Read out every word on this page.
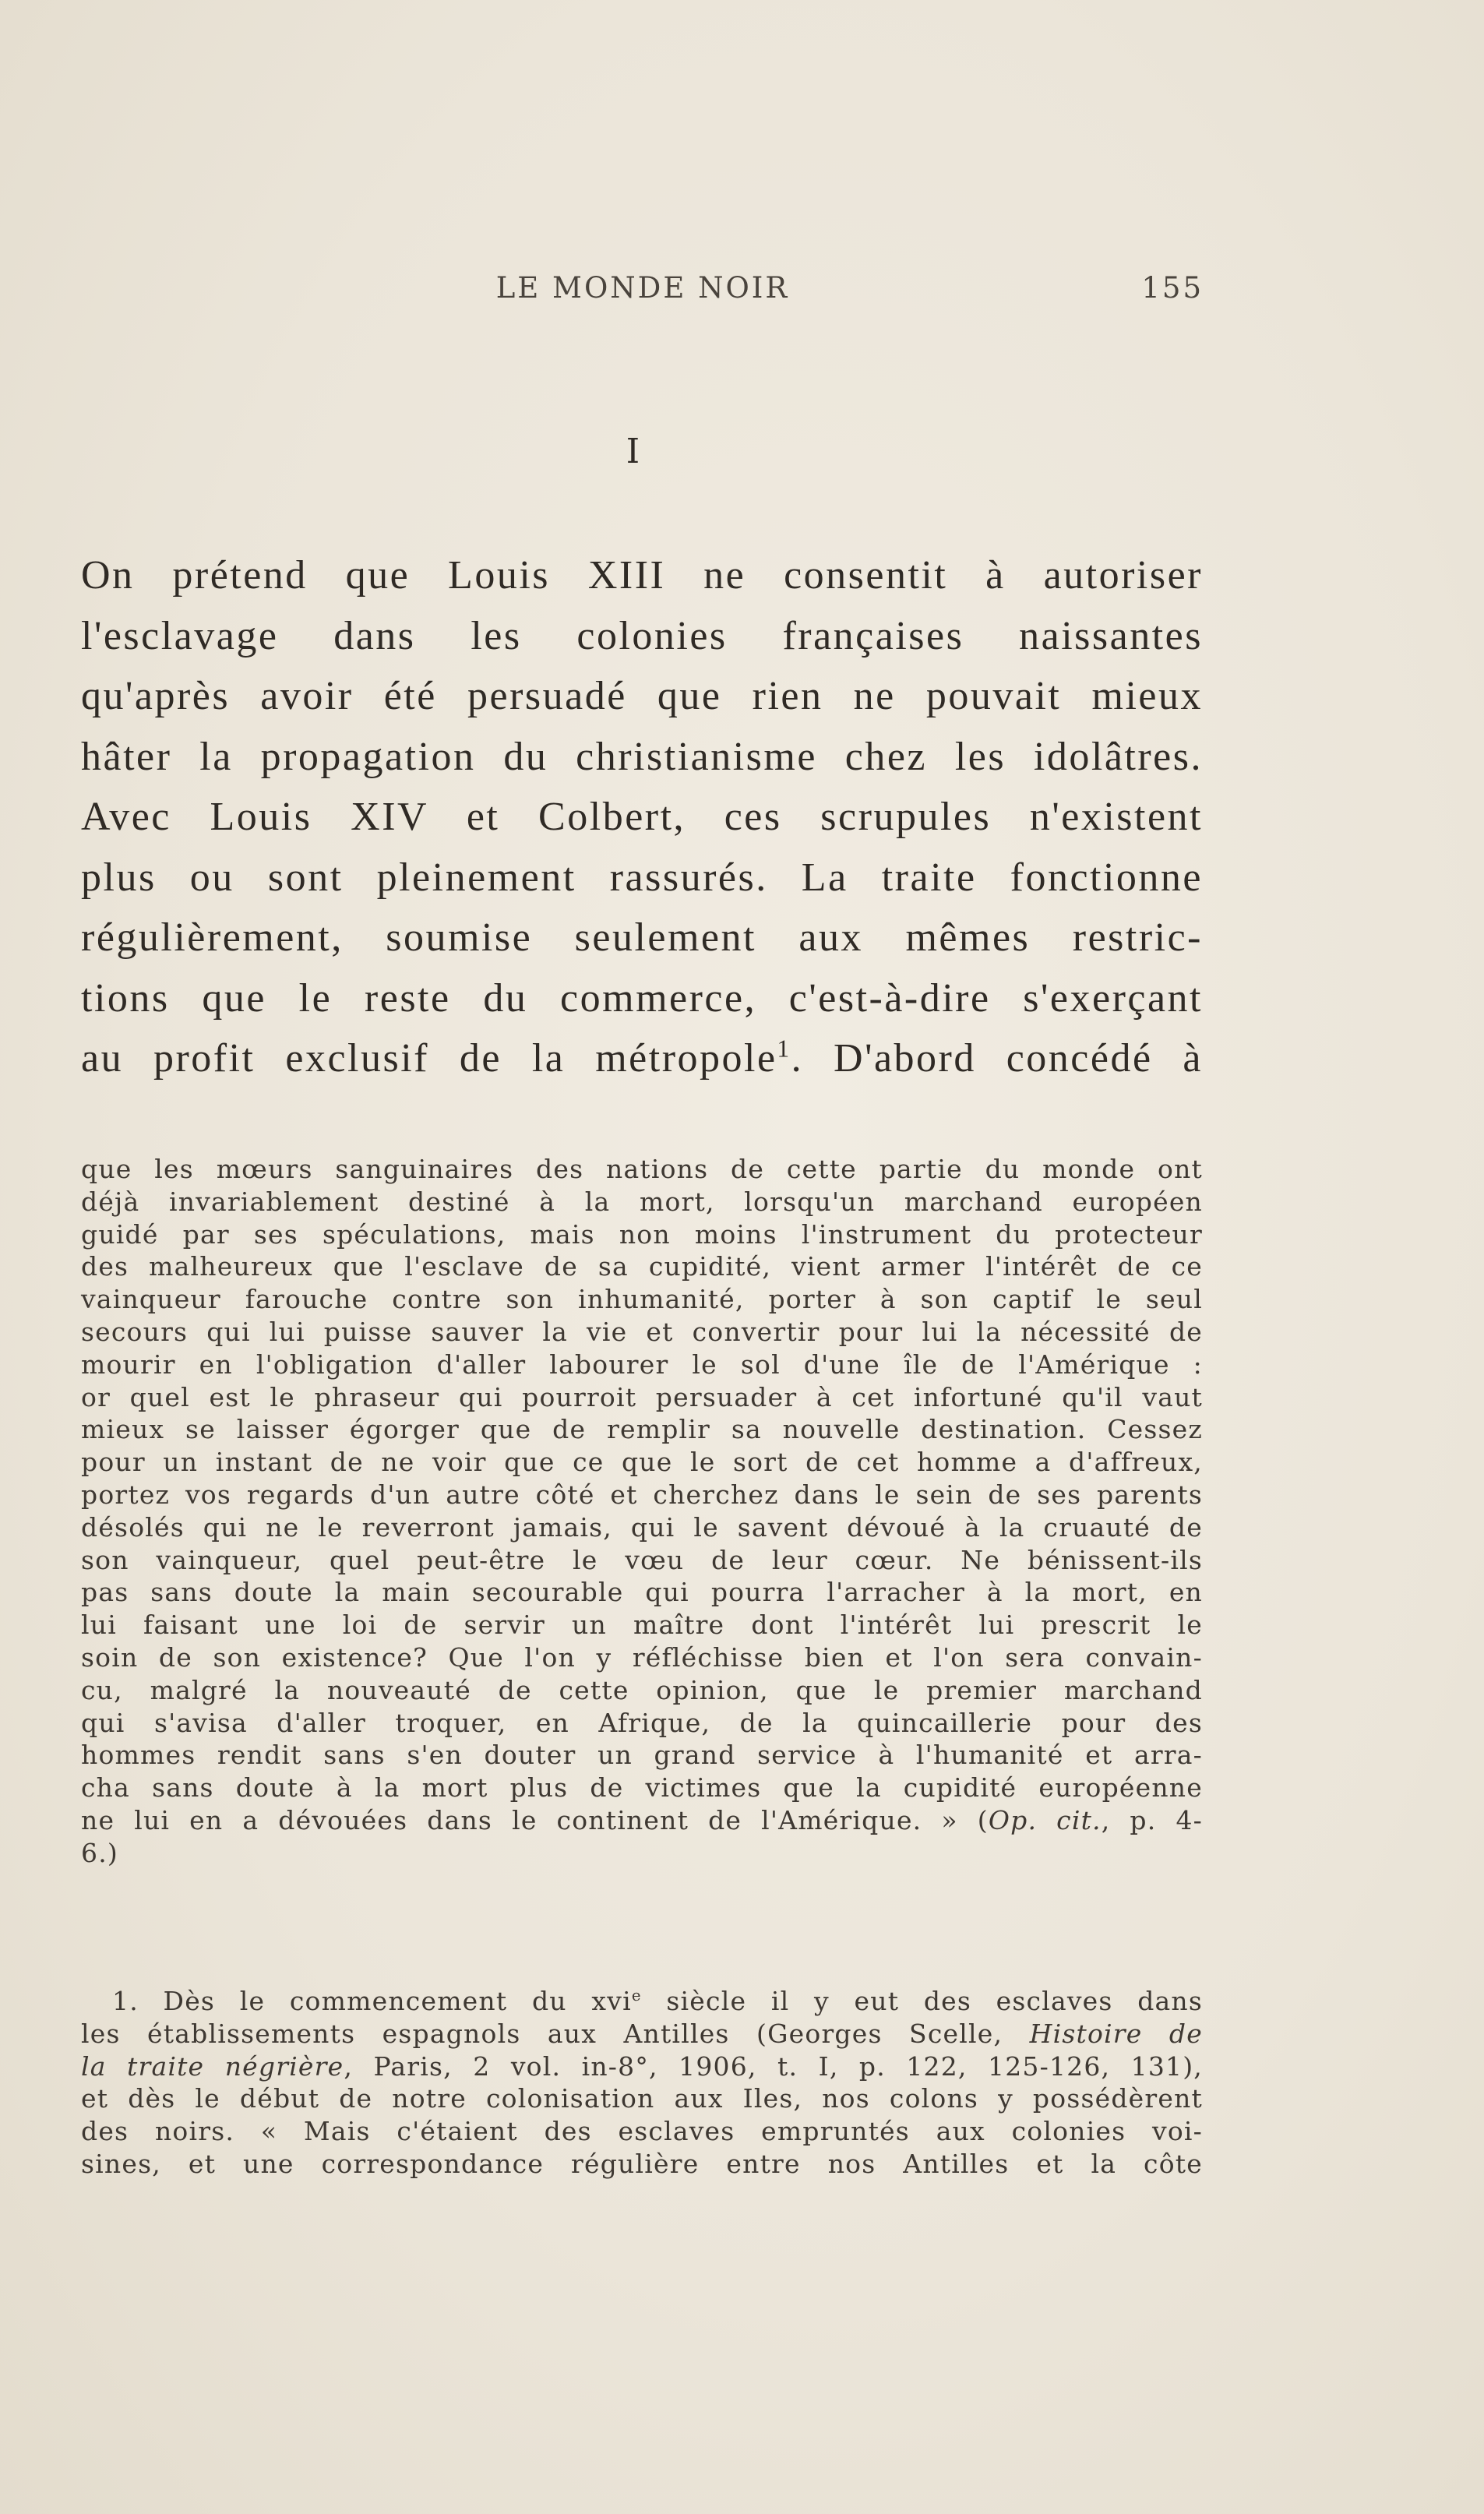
LE MONDE NOIR	155
I
On prétend que Louis XIII ne consentit à autoriser
l'esclavage dans les colonies françaises naissantes
qu'après avoir été persuadé que rien ne pouvait mieux
hâter la propagation du christianisme chez les idolâtres.
Avec Louis XIV et Colbert, ces scrupules n'existent
plus ou sont pleinement rassurés. La traite fonctionne
régulièrement, soumise seulement aux mêmes restric-
tions que le reste du commerce, c'est-à-dire s'exerçant
au profit exclusif de la métropole$^1$. D'abord concédé à
que les mœurs sanguinaires des nations de cette partie du monde ont
déjà invariablement destiné à la mort, lorsqu'un marchand européen
guidé par ses spéculations, mais non moins l'instrument du protecteur
des malheureux que l'esclave de sa cupidité, vient armer l'intérêt de ce
vainqueur farouche contre son inhumanité, porter à son captif le seul
secours qui lui puisse sauver la vie et convertir pour lui la nécessité de
mourir en l'obligation d'aller labourer le sol d'une île de l'Amérique :
or quel est le phraseur qui pourroit persuader à cet infortuné qu'il vaut
mieux se laisser égorger que de remplir sa nouvelle destination. Cessez
pour un instant de ne voir que ce que le sort de cet homme a d'affreux,
portez vos regards d'un autre côté et cherchez dans le sein de ses parents
désolés qui ne le reverront jamais, qui le savent dévoué à la cruauté de
son vainqueur, quel peut-être le vœu de leur cœur. Ne bénissent-ils
pas sans doute la main secourable qui pourra l'arracher à la mort, en
lui faisant une loi de servir un maître dont l'intérêt lui prescrit le
soin de son existence? Que l'on y réfléchisse bien et l'on sera convain-
cu, malgré la nouveauté de cette opinion, que le premier marchand
qui s'avisa d'aller troquer, en Afrique, de la quincaillerie pour des
hommes rendit sans s'en douter un grand service à l'humanité et arra-
cha sans doute à la mort plus de victimes que la cupidité européenne
ne lui en a dévouées dans le continent de l'Amérique. » (Op. cit., p. 4-
6.)
1. Dès le commencement du xvi$^e$ siècle il y eut des esclaves dans
les établissements espagnols aux Antilles (Georges Scelle, Histoire de
la traite négrière, Paris, 2 vol. in-8°, 1906, t. I, p. 122, 125-126, 131),
et dès le début de notre colonisation aux Iles, nos colons y possédèrent
des noirs. « Mais c'étaient des esclaves empruntés aux colonies voi-
sines, et une correspondance régulière entre nos Antilles et la côte
